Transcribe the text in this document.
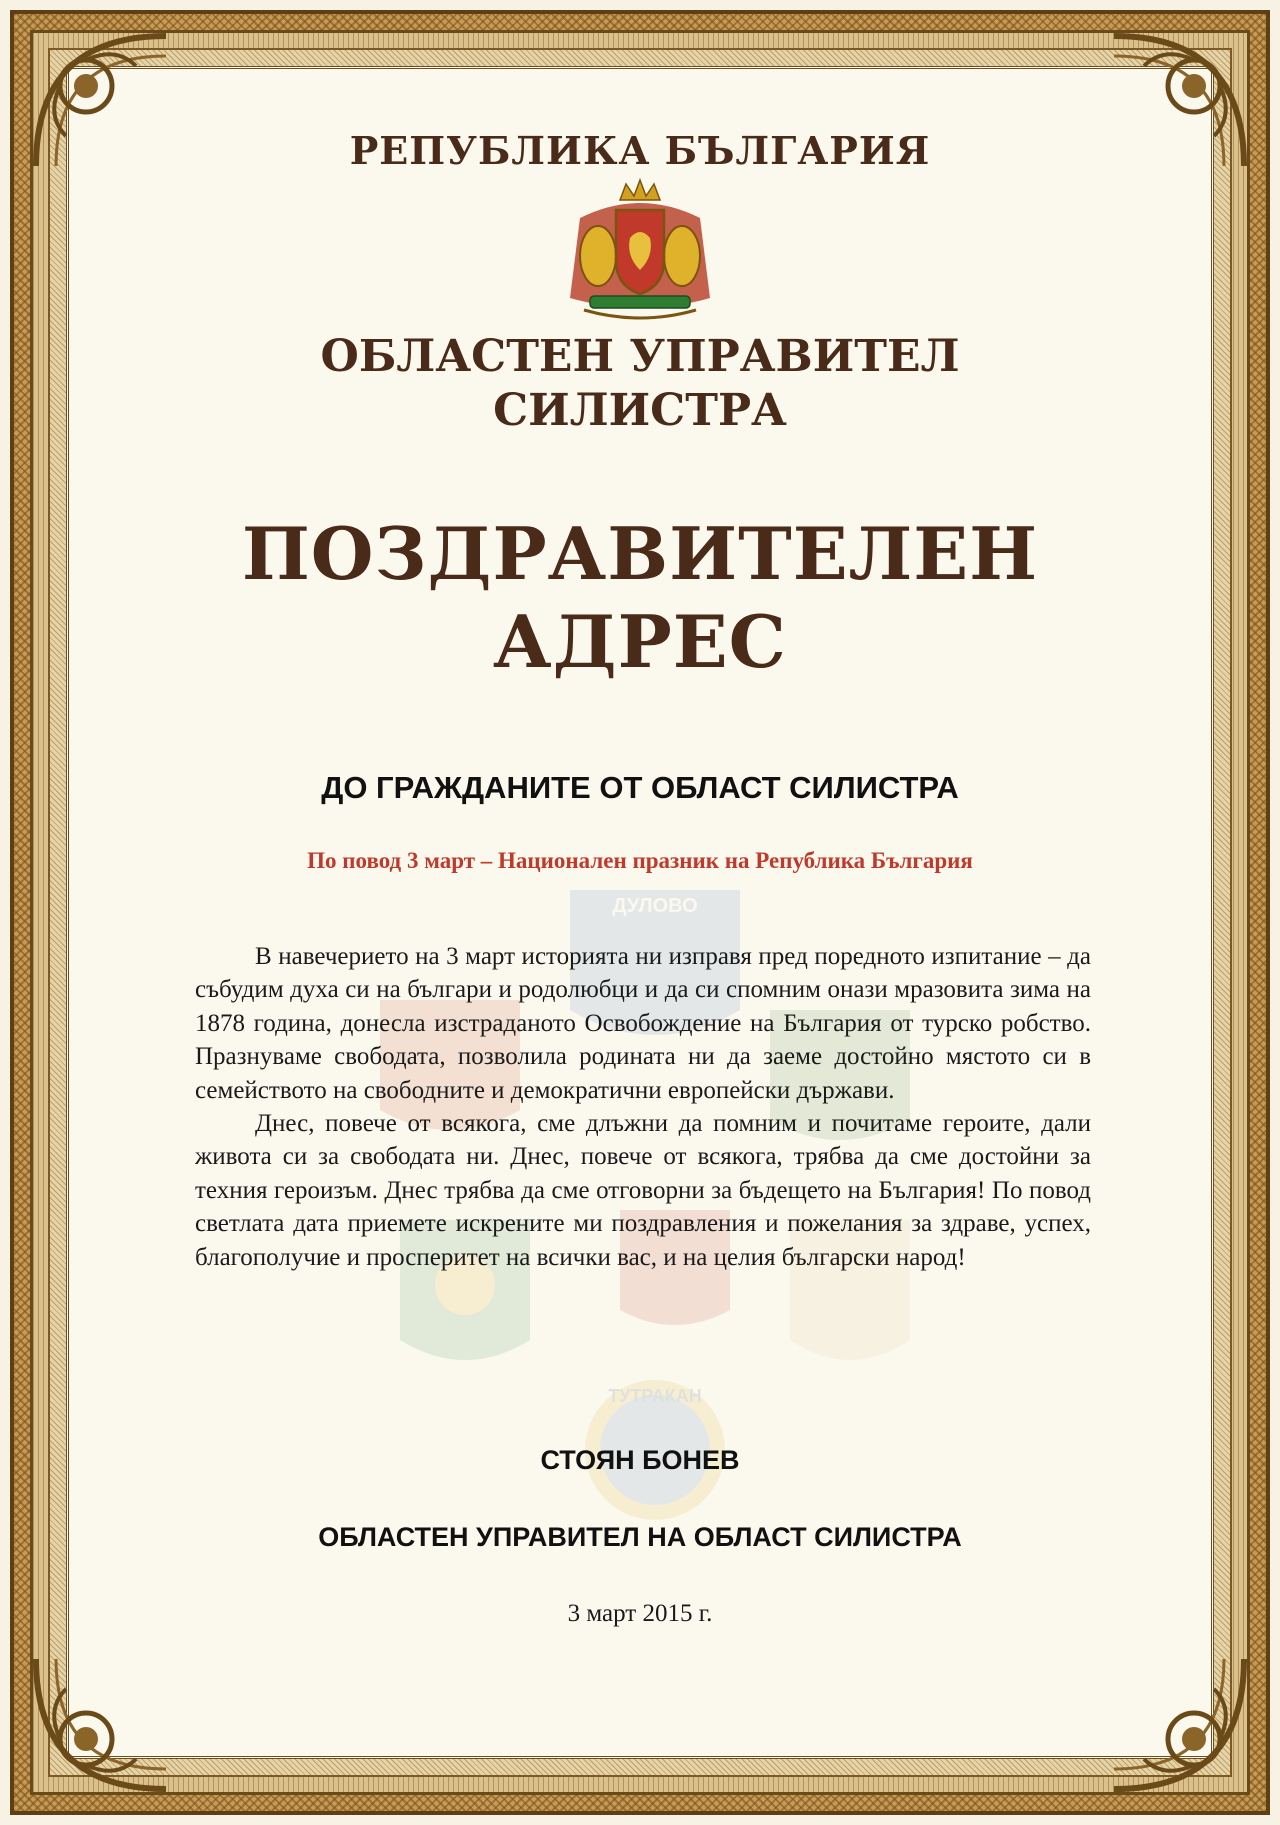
РЕПУБЛИКА БЪЛГАРИЯ
ОБЛАСТЕН УПРАВИТЕЛ
СИЛИСТРА
ПОЗДРАВИТЕЛЕН
АДРЕС
ДО ГРАЖДАНИТЕ ОТ ОБЛАСТ СИЛИСТРА
По повод 3 март – Национален празник на Република България
ДУЛОВО
ТУТРАКАН

В навечерието на 3 март историята ни изправя пред поредното изпитание – да събудим духа си на българи и родолюбци и да си спомним онази мразовита зима на 1878 година, донесла изстраданото Освобождение на България от турско робство. Празнуваме свободата, позволила родината ни да заеме достойно мястото си в семейството на свободните и демократични европейски държави.

Днес, повече от всякога, сме длъжни да помним и почитаме героите, дали живота си за свободата ни. Днес, повече от всякога, трябва да сме достойни за техния героизъм. Днес трябва да сме отговорни за бъдещето на България! По повод светлата дата приемете искрените ми поздравления и пожелания за здраве, успех, благополучие и просперитет на всички вас, и на целия български народ!

СТОЯН БОНЕВ
ОБЛАСТЕН УПРАВИТЕЛ НА ОБЛАСТ СИЛИСТРА
3 март 2015 г.
